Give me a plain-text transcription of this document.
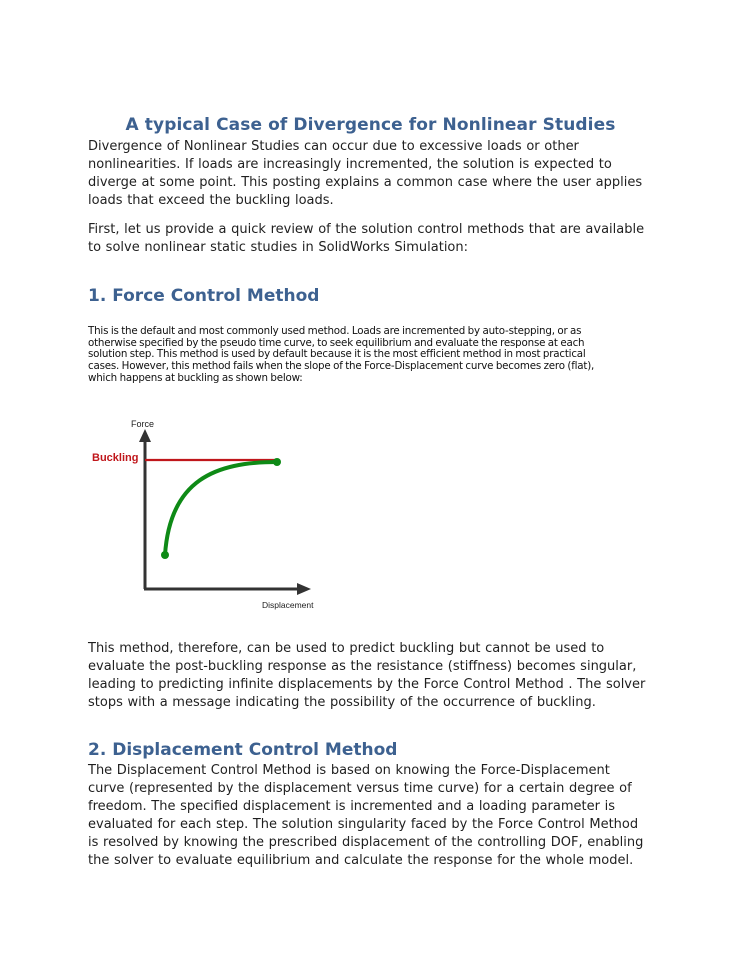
A typical Case of Divergence for Nonlinear Studies
Divergence of Nonlinear Studies can occur due to excessive loads or other
nonlinearities. If loads are increasingly incremented, the solution is expected to
diverge at some point. This posting explains a common case where the user applies
loads that exceed the buckling loads.
First, let us provide a quick review of the solution control methods that are available
to solve nonlinear static studies in SolidWorks Simulation:
1. Force Control Method
This is the default and most commonly used method. Loads are incremented by auto-stepping, or as
otherwise specified by the pseudo time curve, to seek equilibrium and evaluate the response at each
solution step. This method is used by default because it is the most efficient method in most practical
cases. However, this method fails when the slope of the Force-Displacement curve becomes zero (flat),
which happens at buckling as shown below:
Force
Displacement
Buckling
This method, therefore, can be used to predict buckling but cannot be used to
evaluate the post-buckling response as the resistance (stiffness) becomes singular,
leading to predicting infinite displacements by the Force Control Method . The solver
stops with a message indicating the possibility of the occurrence of buckling.
2. Displacement Control Method
The Displacement Control Method is based on knowing the Force-Displacement
curve (represented by the displacement versus time curve) for a certain degree of
freedom. The specified displacement is incremented and a loading parameter is
evaluated for each step. The solution singularity faced by the Force Control Method
is resolved by knowing the prescribed displacement of the controlling DOF, enabling
the solver to evaluate equilibrium and calculate the response for the whole model.
